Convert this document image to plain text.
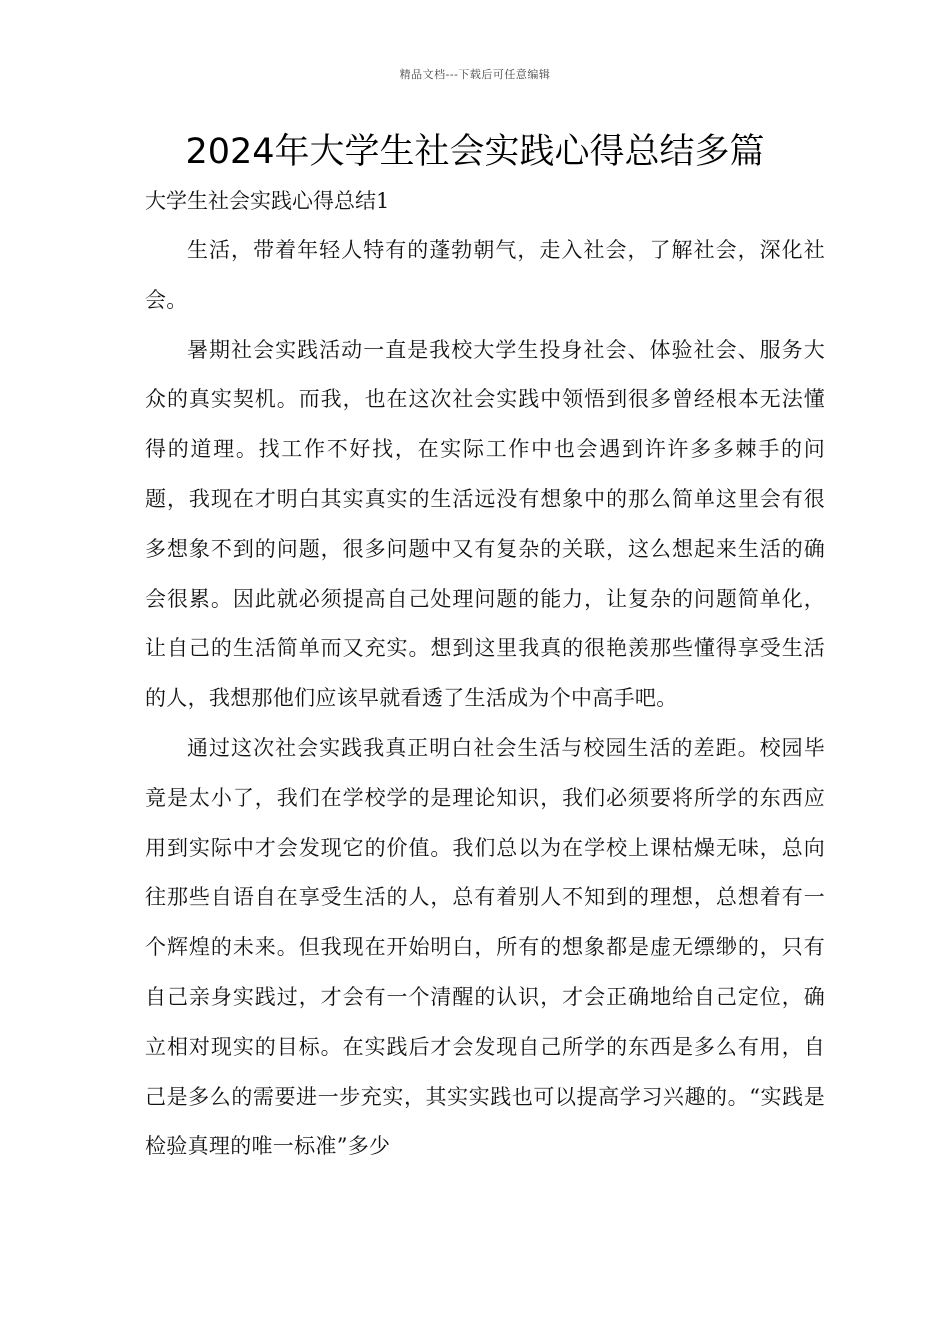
精品文档---下载后可任意编辑
2024年大学生社会实践心得总结多篇
大学生社会实践心得总结1

生活，带着年轻人特有的蓬勃朝气，走入社会，了解社会，深化社会。

暑期社会实践活动一直是我校大学生投身社会、体验社会、服务大众的真实契机。而我，也在这次社会实践中领悟到很多曾经根本无法懂得的道理。找工作不好找，在实际工作中也会遇到许许多多棘手的问题，我现在才明白其实真实的生活远没有想象中的那么简单这里会有很多想象不到的问题，很多问题中又有复杂的关联，这么想起来生活的确会很累。因此就必须提高自己处理问题的能力，让复杂的问题简单化，让自己的生活简单而又充实。想到这里我真的很艳羡那些懂得享受生活的人，我想那他们应该早就看透了生活成为个中高手吧。

通过这次社会实践我真正明白社会生活与校园生活的差距。校园毕竟是太小了，我们在学校学的是理论知识，我们必须要将所学的东西应用到实际中才会发现它的价值。我们总以为在学校上课枯燥无味，总向往那些自语自在享受生活的人，总有着别人不知到的理想，总想着有一个辉煌的未来。但我现在开始明白，所有的想象都是虚无缥缈的，只有自己亲身实践过，才会有一个清醒的认识，才会正确地给自己定位，确立相对现实的目标。在实践后才会发现自己所学的东西是多么有用，自己是多么的需要进一步充实，其实实践也可以提高学习兴趣的。“实践是检验真理的唯一标准”多少
